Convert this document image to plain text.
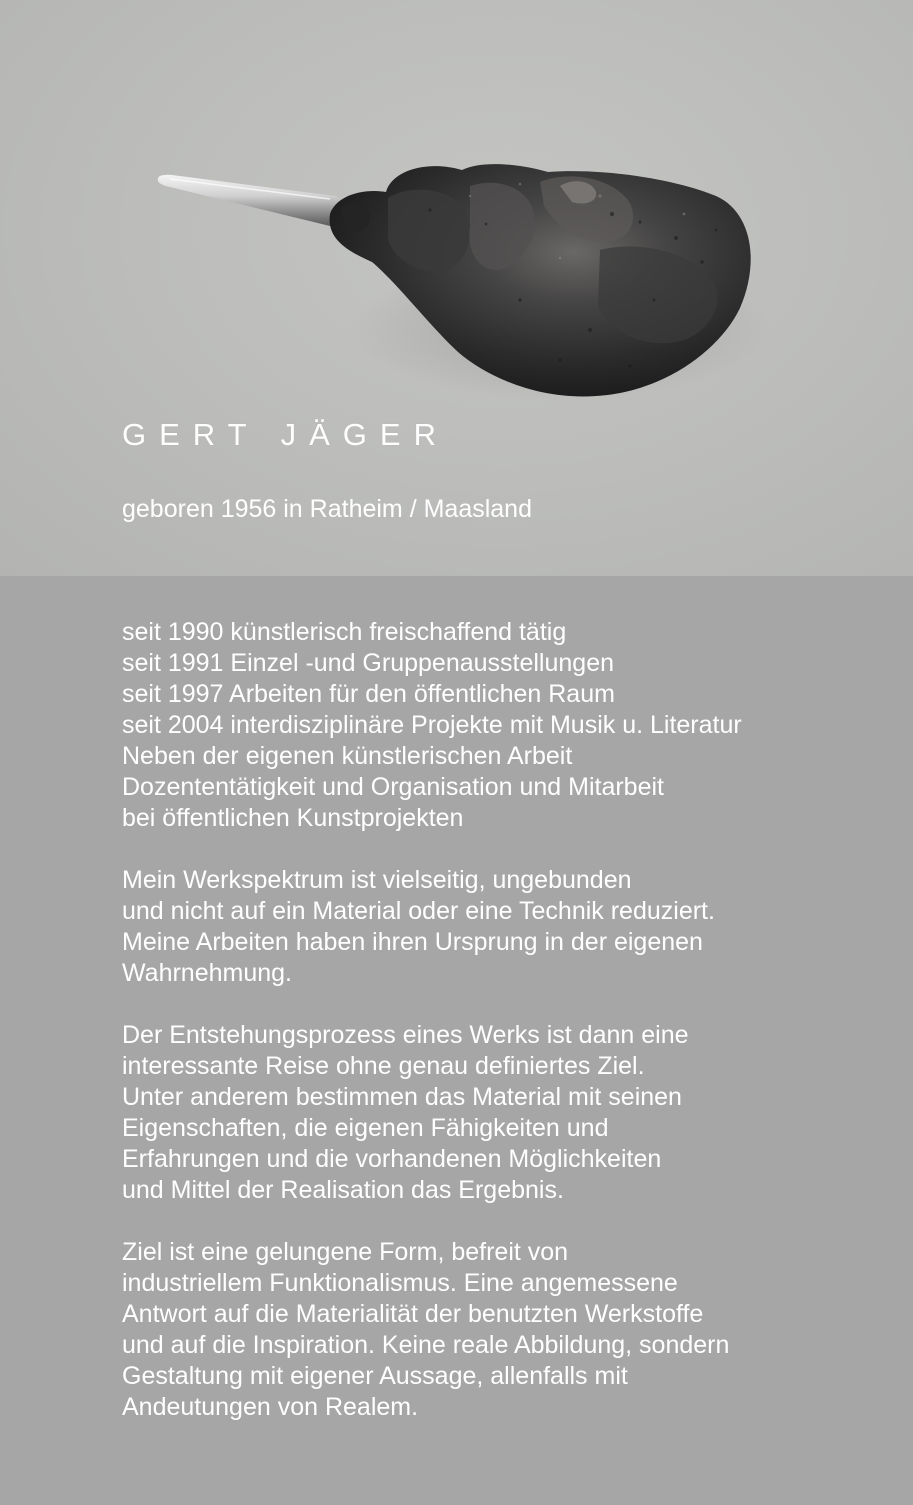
GERT JÄGER

geboren 1956 in Ratheim / Maasland

seit 1990 künstlerisch freischaffend tätig
seit 1991 Einzel -und Gruppenausstellungen
seit 1997 Arbeiten für den öffentlichen Raum
seit 2004 interdisziplinäre Projekte mit Musik u. Literatur
Neben der eigenen künstlerischen Arbeit
Dozententätigkeit und Organisation und Mitarbeit
bei öffentlichen Kunstprojekten

Mein Werkspektrum ist vielseitig, ungebunden
und nicht auf ein Material oder eine Technik reduziert.
Meine Arbeiten haben ihren Ursprung in der eigenen
Wahrnehmung.

Der Entstehungsprozess eines Werks ist dann eine
interessante Reise ohne genau definiertes Ziel.
Unter anderem bestimmen das Material mit seinen
Eigenschaften, die eigenen Fähigkeiten und
Erfahrungen und die vorhandenen Möglichkeiten
und Mittel der Realisation das Ergebnis.

Ziel ist eine gelungene Form, befreit von
industriellem Funktionalismus. Eine angemessene
Antwort auf die Materialität der benutzten Werkstoffe
und auf die Inspiration. Keine reale Abbildung, sondern
Gestaltung mit eigener Aussage, allenfalls mit
Andeutungen von Realem.
